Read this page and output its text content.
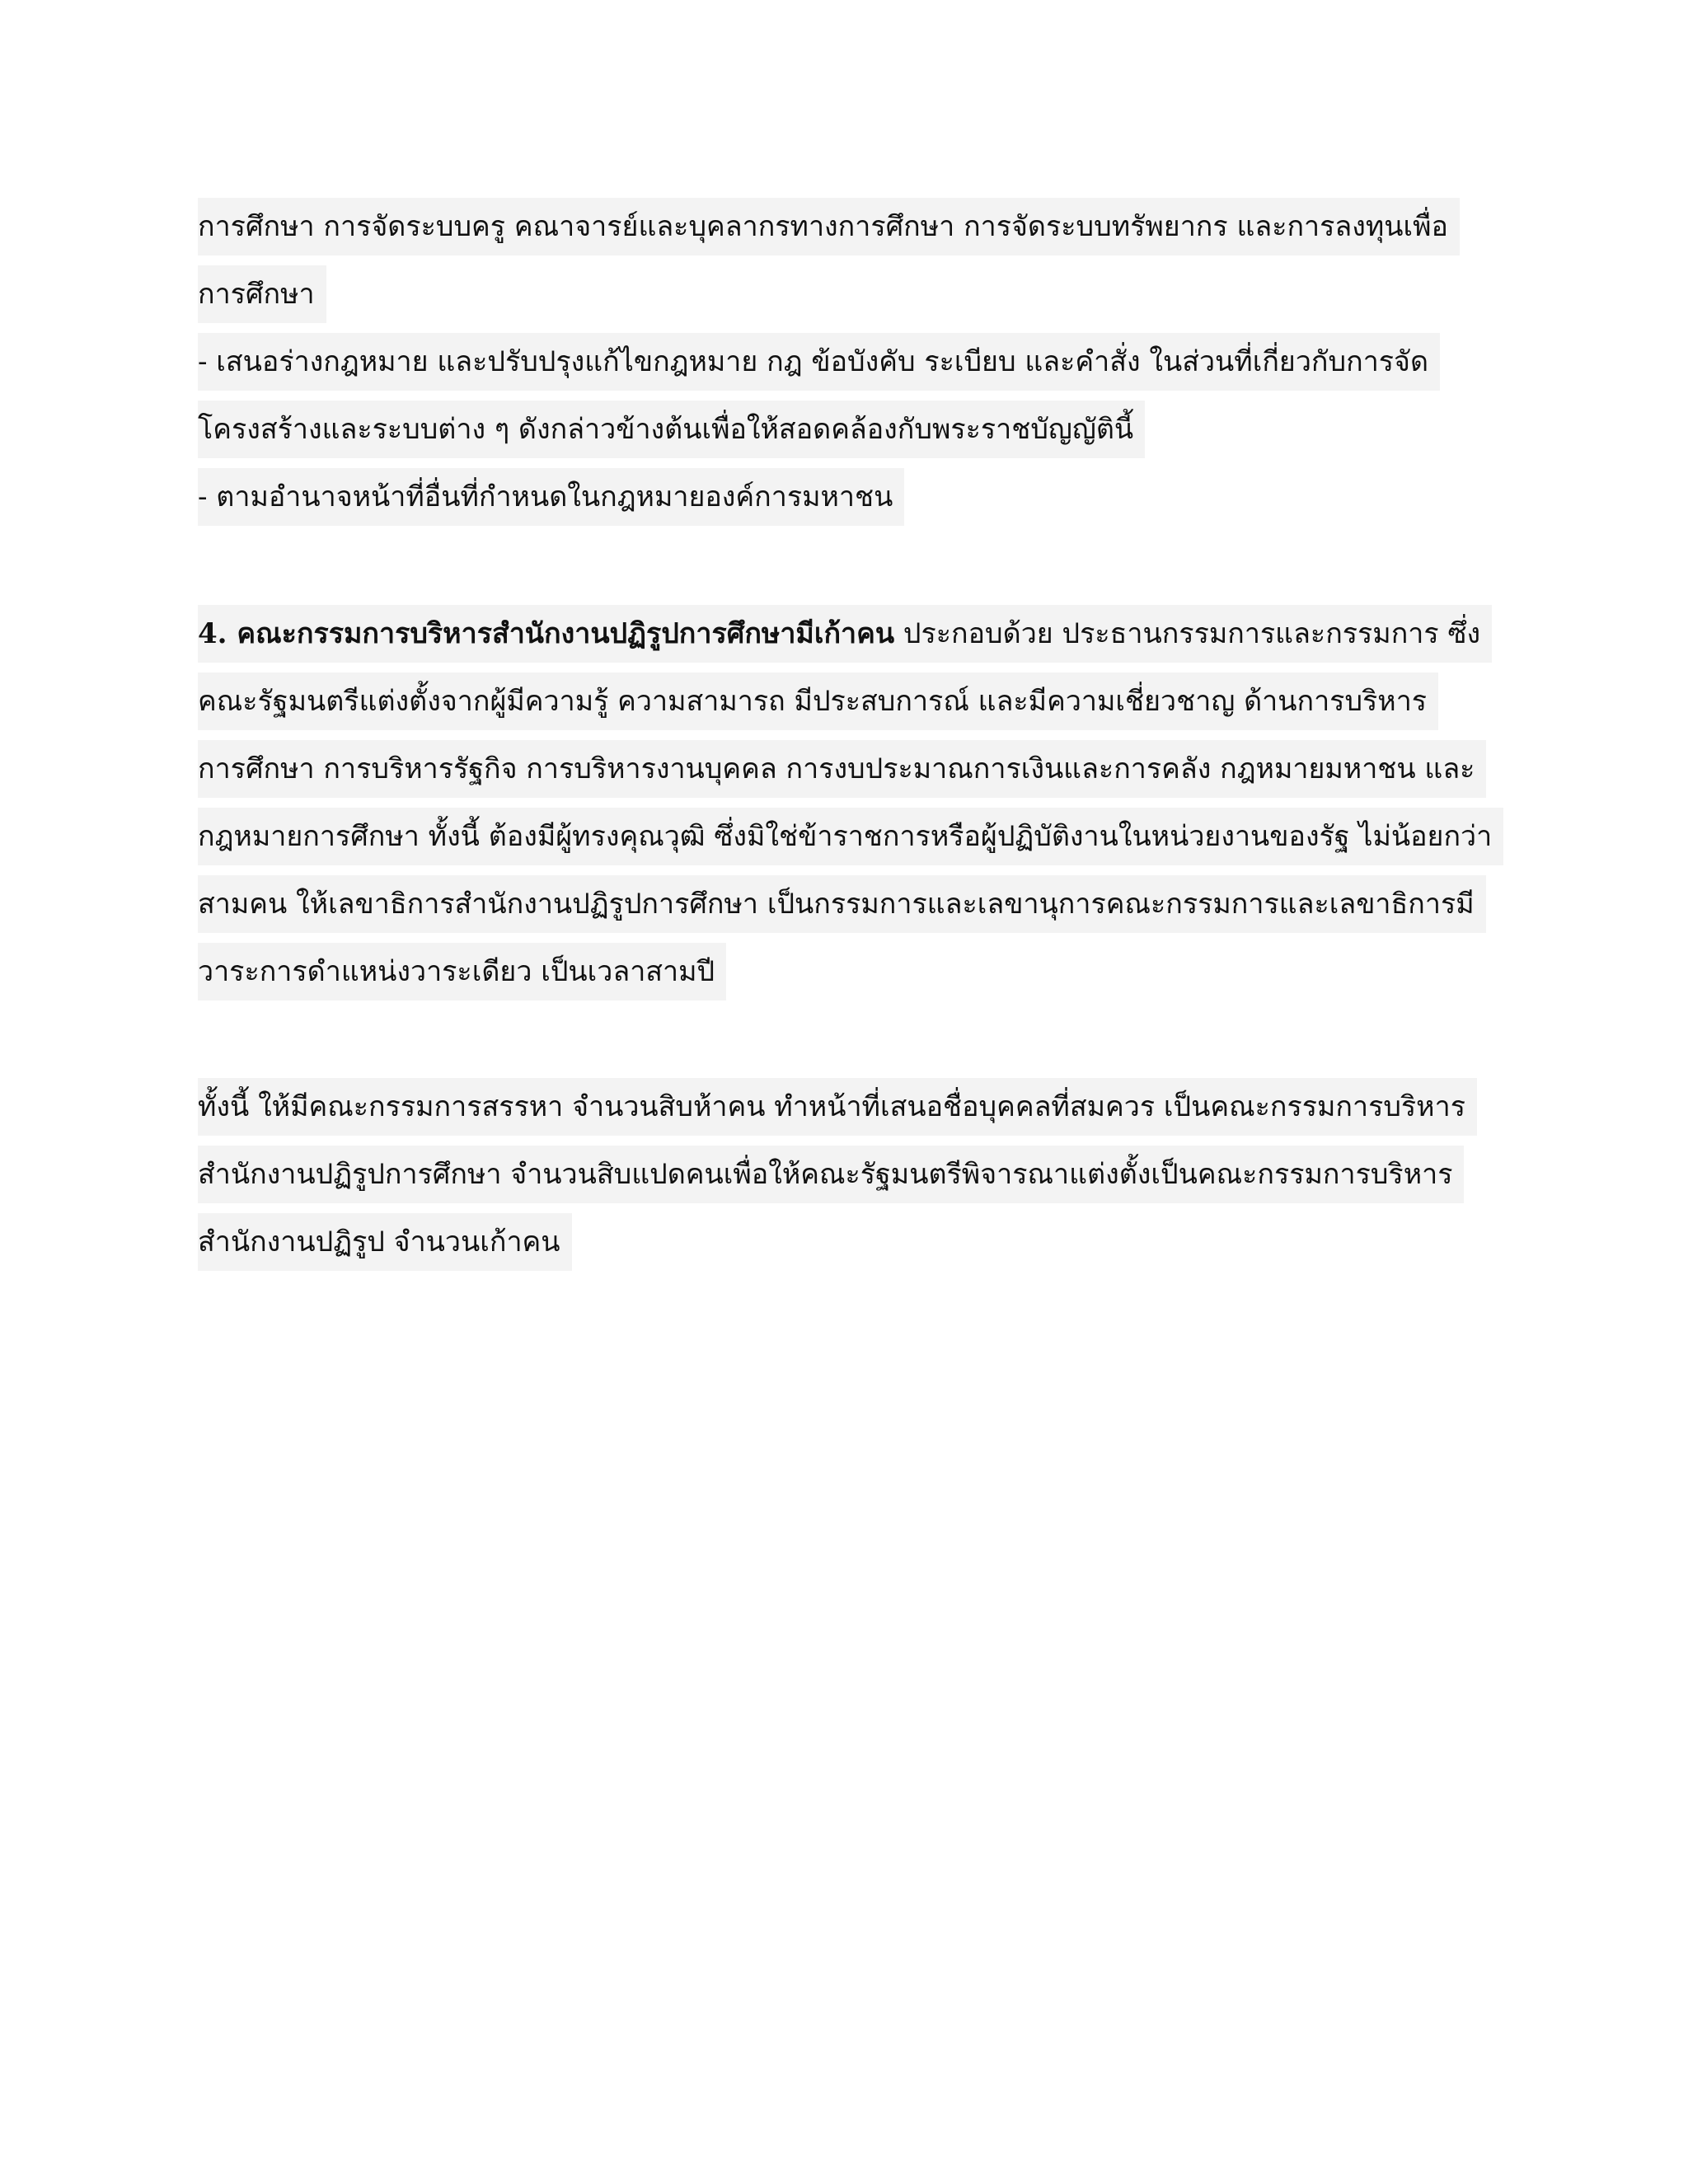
การศึกษา การจัดระบบครู คณาจารย์และบุคลากรทางการศึกษา การจัดระบบทรัพยากร และการลงทุนเพื่อ
การศึกษา
- เสนอร่างกฎหมาย และปรับปรุงแก้ไขกฎหมาย กฎ ข้อบังคับ ระเบียบ และคำสั่ง ในส่วนที่เกี่ยวกับการจัด
โครงสร้างและระบบต่าง ๆ ดังกล่าวข้างต้นเพื่อให้สอดคล้องกับพระราชบัญญัตินี้
- ตามอำนาจหน้าที่อื่นที่กำหนดในกฎหมายองค์การมหาชน
4. คณะกรรมการบริหารสำนักงานปฏิรูปการศึกษามีเก้าคน ประกอบด้วย ประธานกรรมการและกรรมการ ซึ่ง
คณะรัฐมนตรีแต่งตั้งจากผู้มีความรู้ ความสามารถ มีประสบการณ์ และมีความเชี่ยวชาญ ด้านการบริหาร
การศึกษา การบริหารรัฐกิจ การบริหารงานบุคคล การงบประมาณการเงินและการคลัง กฎหมายมหาชน และ
กฎหมายการศึกษา ทั้งนี้ ต้องมีผู้ทรงคุณวุฒิ ซึ่งมิใช่ข้าราชการหรือผู้ปฏิบัติงานในหน่วยงานของรัฐ ไม่น้อยกว่า
สามคน ให้เลขาธิการสำนักงานปฏิรูปการศึกษา เป็นกรรมการและเลขานุการคณะกรรมการและเลขาธิการมี
วาระการดำแหน่งวาระเดียว เป็นเวลาสามปี
ทั้งนี้ ให้มีคณะกรรมการสรรหา จำนวนสิบห้าคน ทำหน้าที่เสนอชื่อบุคคลที่สมควร เป็นคณะกรรมการบริหาร
สำนักงานปฏิรูปการศึกษา จำนวนสิบแปดคนเพื่อให้คณะรัฐมนตรีพิจารณาแต่งตั้งเป็นคณะกรรมการบริหาร
สำนักงานปฏิรูป จำนวนเก้าคน
